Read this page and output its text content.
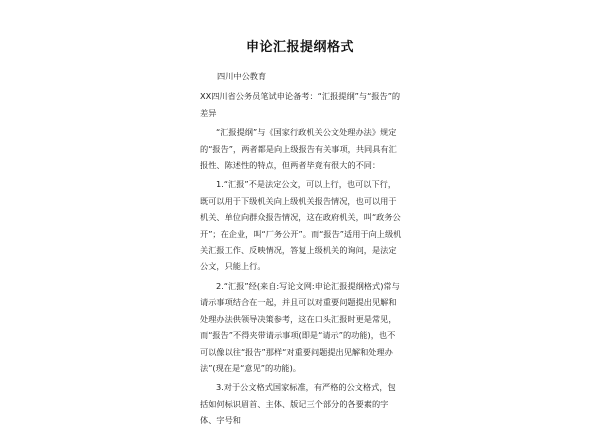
申论汇报提纲格式

四川中公教育

XX四川省公务员笔试申论备考：“汇报提纲”与“报告”的差异

“汇报提纲”与《国家行政机关公文处理办法》规定的“报告”，两者都是向上级报告有关事项，共同具有汇报性、陈述性的特点，但两者毕竟有很大的不同：

1.“汇报”不是法定公文，可以上行，也可以下行，既可以用于下级机关向上级机关报告情况，也可以用于机关、单位向群众报告情况，这在政府机关，叫“政务公开”；在企业，叫“厂务公开”。而“报告”适用于向上级机关汇报工作、反映情况，答复上级机关的询问，是法定公文，只能上行。

2.“汇报”经(来自:写论文网:申论汇报提纲格式)常与请示事项结合在一起，并且可以对重要问题提出见解和处理办法供领导决策参考，这在口头汇报时更是常见，而“报告”不得夹带请示事项(即是“请示”的功能)，也不可以像以往“报告”那样“对重要问题提出见解和处理办法”(现在是“意见”的功能)。

3.对于公文格式国家标准，有严格的公文格式，包括如何标识眉首、主体、版记三个部分的各要素的字体、字号和
